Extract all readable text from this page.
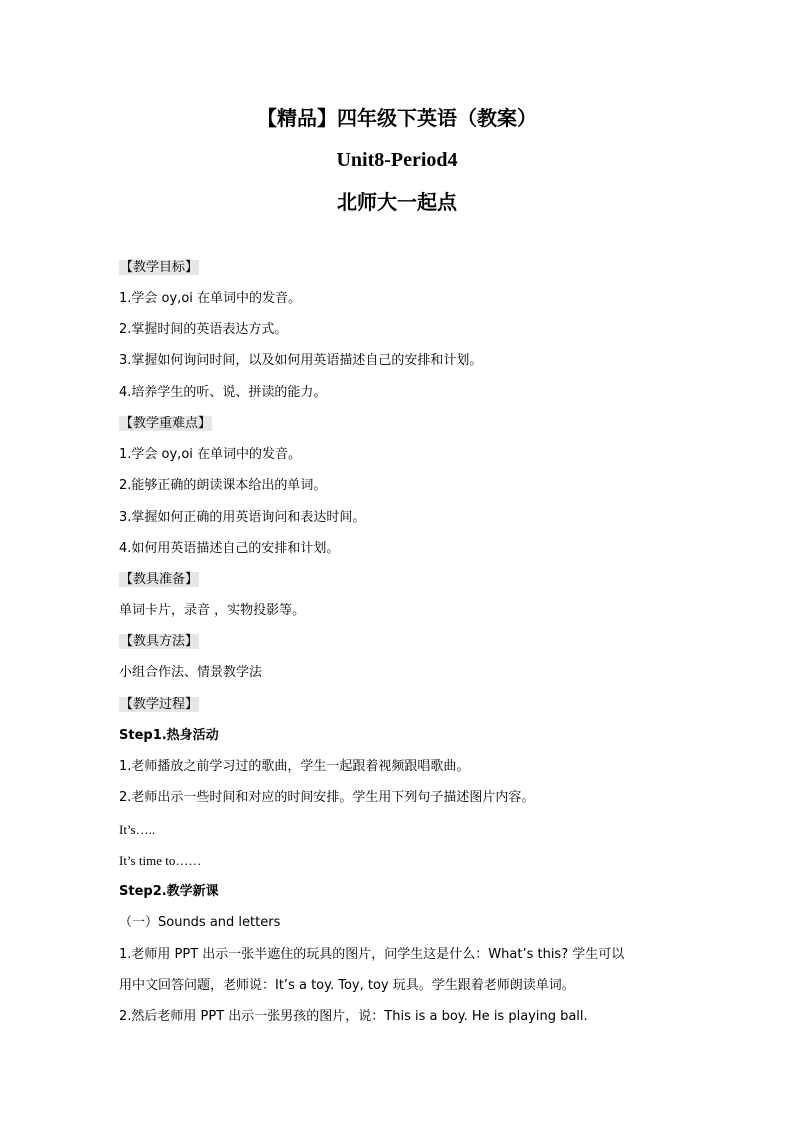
【精品】四年级下英语（教案）
Unit8-Period4
北师大一起点
【教学目标】
1.学会 oy,oi 在单词中的发音。
2.掌握时间的英语表达方式。
3.掌握如何询问时间，以及如何用英语描述自己的安排和计划。
4.培养学生的听、说、拼读的能力。
【教学重难点】
1.学会 oy,oi 在单词中的发音。
2.能够正确的朗读课本给出的单词。
3.掌握如何正确的用英语询问和表达时间。
4.如何用英语描述自己的安排和计划。
【教具准备】
单词卡片，录音 ，实物投影等。
【教具方法】
小组合作法、情景教学法
【教学过程】
Step1.热身活动
1.老师播放之前学习过的歌曲，学生一起跟着视频跟唱歌曲。
2.老师出示一些时间和对应的时间安排。学生用下列句子描述图片内容。
It’s…..
It’s time to……
Step2.教学新课
（一）Sounds and letters
1.老师用 PPT 出示一张半遮住的玩具的图片，问学生这是什么：What’s this? 学生可以
用中文回答问题，老师说：It’s a toy. Toy, toy 玩具。学生跟着老师朗读单词。
2.然后老师用 PPT 出示一张男孩的图片，说：This is a boy. He is playing ball.
